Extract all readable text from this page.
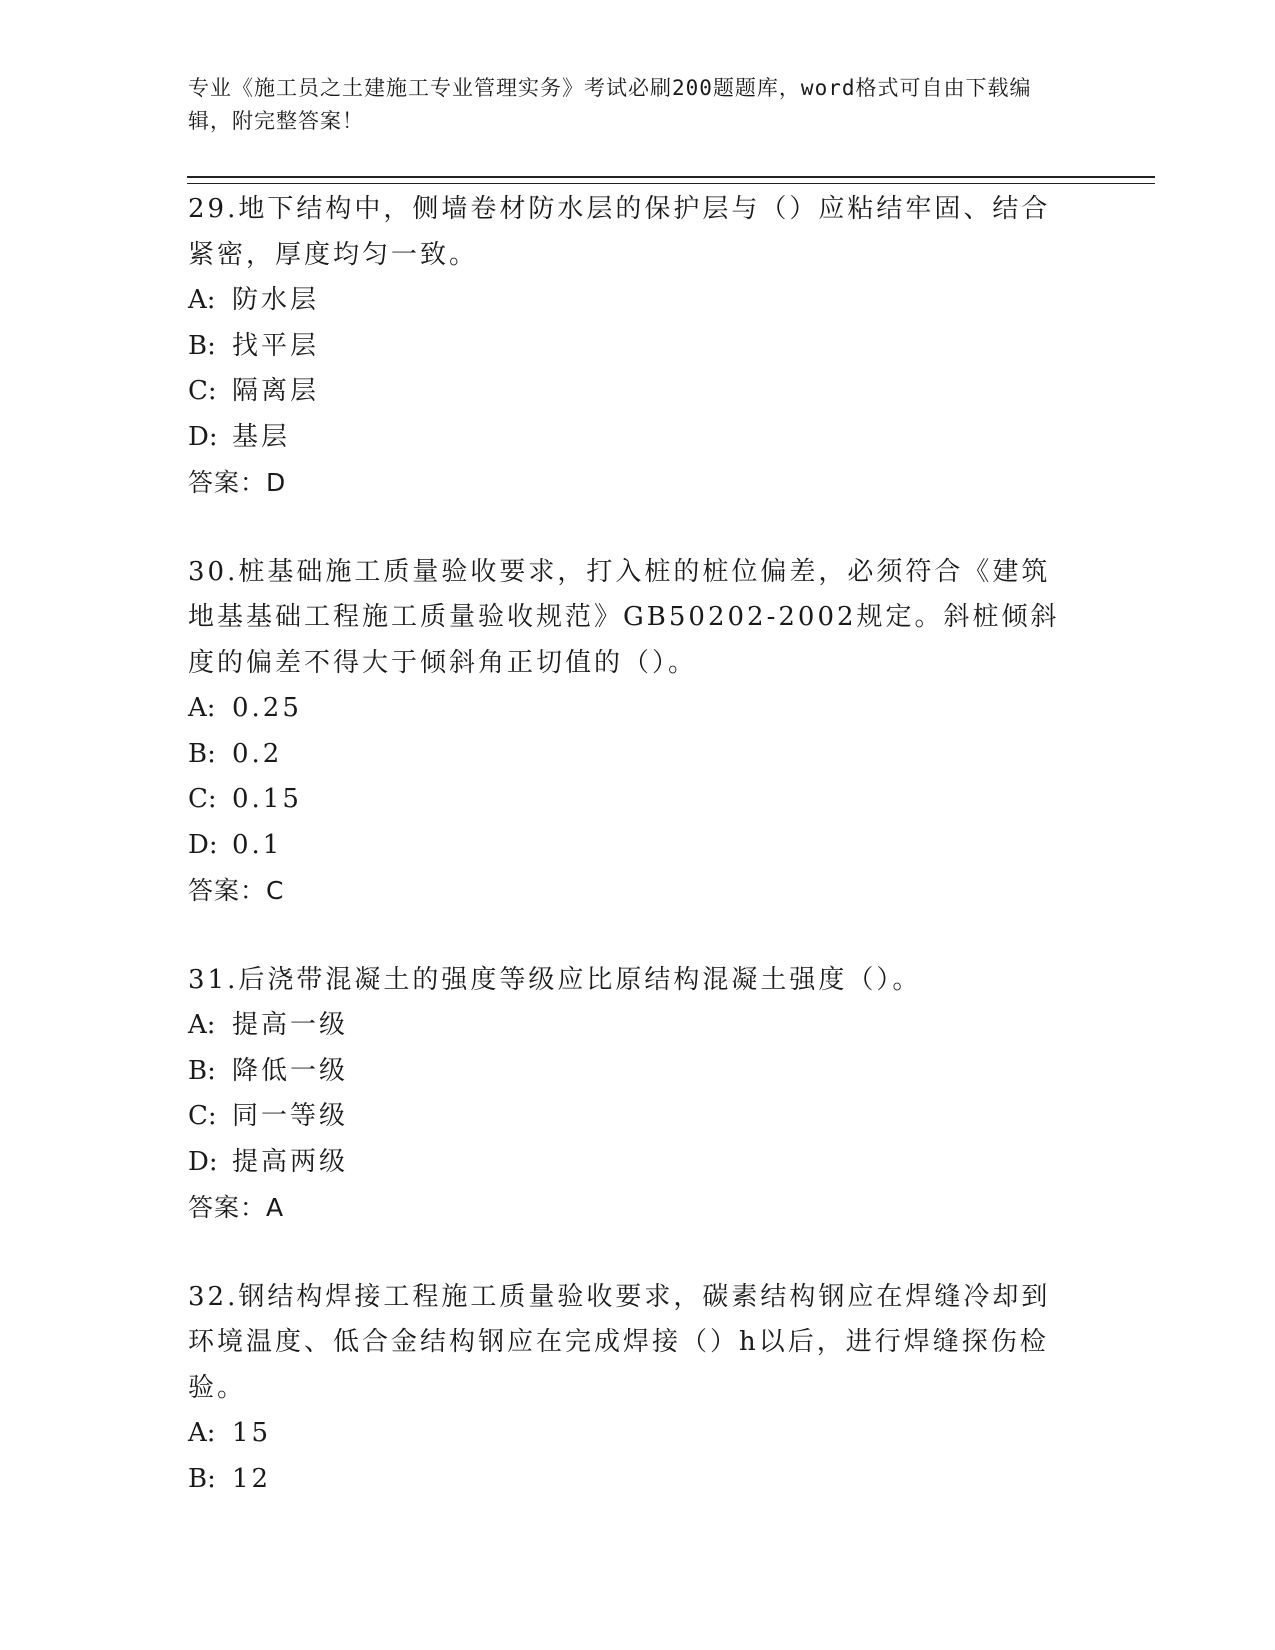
专业《施工员之土建施工专业管理实务》考试必刷200题题库，word格式可自由下载编辑，附完整答案！
29.地下结构中，侧墙卷材防水层的保护层与（）应粘结牢固、结合紧密，厚度均匀一致。
A: 防水层
B: 找平层
C: 隔离层
D: 基层
答案：D
30.桩基础施工质量验收要求，打入桩的桩位偏差，必须符合《建筑地基基础工程施工质量验收规范》GB50202-2002规定。斜桩倾斜度的偏差不得大于倾斜角正切值的（）。
A: 0.25
B: 0.2
C: 0.15
D: 0.1
答案：C
31.后浇带混凝土的强度等级应比原结构混凝土强度（）。
A: 提高一级
B: 降低一级
C: 同一等级
D: 提高两级
答案：A
32.钢结构焊接工程施工质量验收要求，碳素结构钢应在焊缝冷却到环境温度、低合金结构钢应在完成焊接（）h以后，进行焊缝探伤检验。
A: 15
B: 12
